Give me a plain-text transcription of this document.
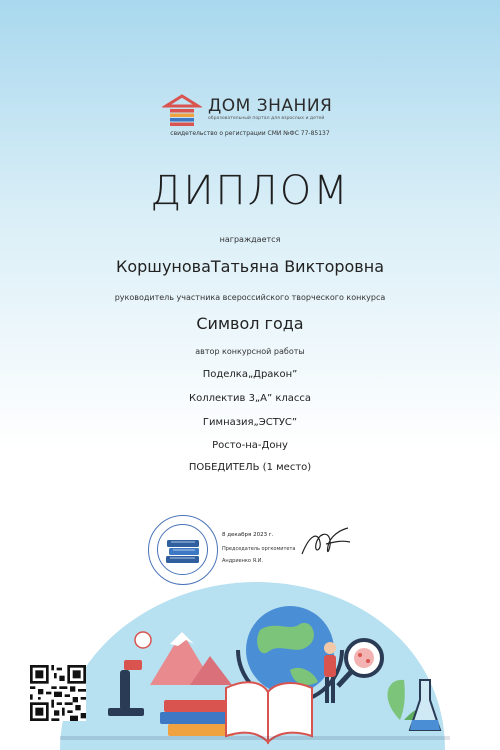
ДОМ ЗНАНИЯ
образовательный портал для взрослых и детей
свидетельство о регистрации СМИ №ФС 77-85137
ДИПЛОМ
награждается
КоршуноваТатьяна Викторовна
руководитель участника всероссийского творческого конкурса
Символ года
автор конкурсной работы
Поделка„Дракон”
Коллектив 3„А” класса
Гимназия„ЭСТУС”
Росто-на-Дону
ПОБЕДИТЕЛЬ (1 место)
8 декабря 2023 г.
Председатель оргкомитета
Андриенко Я.И.
